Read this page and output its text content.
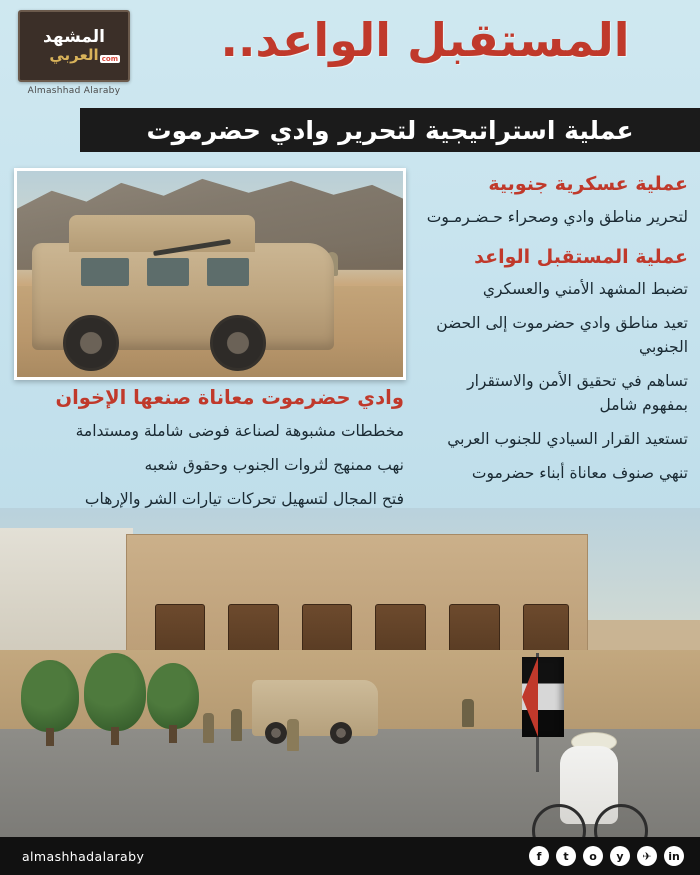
المشهد
العربي com
Almashhad Alaraby
المستقبل الواعد..
عملية استراتيجية لتحرير وادي حضرموت
عملية عسكرية جنوبية
لتحرير مناطق وادي وصحراء حـضـرمـوت
عملية المستقبل الواعد
تضبط المشهد الأمني والعسكري
تعيد مناطق وادي حضرموت إلى الحضن الجنوبي
تساهم في تحقيق الأمن والاستقرار بمفهوم شامل
تستعيد القرار السيادي للجنوب العربي
تنهي صنوف معاناة أبناء حضرموت
وادي حضرموت معاناة صنعها الإخوان
مخططات مشبوهة لصناعة فوضى شاملة ومستدامة
نهب ممنهج لثروات الجنوب وحقوق شعبه
فتح المجال لتسهيل تحركات تيارات الشر والإرهاب
almashhadalaraby	f	t	o	y	✈	in
